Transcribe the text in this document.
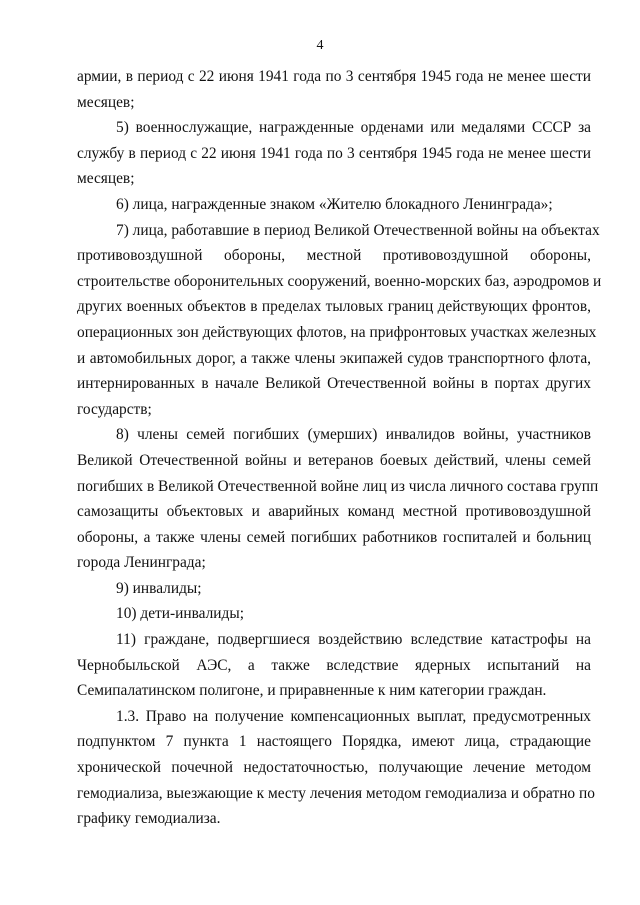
4
армии, в период с 22 июня 1941 года по 3 сентября 1945 года не менее шести
месяцев;
5) военнослужащие, награжденные орденами или медалями СССР за
службу в период с 22 июня 1941 года по 3 сентября 1945 года не менее шести
месяцев;
6) лица, награжденные знаком «Жителю блокадного Ленинграда»;
7) лица, работавшие в период Великой Отечественной войны на объектах
противовоздушной обороны, местной противовоздушной обороны,
строительстве оборонительных сооружений, военно-морских баз, аэродромов и
других военных объектов в пределах тыловых границ действующих фронтов,
операционных зон действующих флотов, на прифронтовых участках железных
и автомобильных дорог, а также члены экипажей судов транспортного флота,
интернированных в начале Великой Отечественной войны в портах других
государств;
8) члены семей погибших (умерших) инвалидов войны, участников
Великой Отечественной войны и ветеранов боевых действий, члены семей
погибших в Великой Отечественной войне лиц из числа личного состава групп
самозащиты объектовых и аварийных команд местной противовоздушной
обороны, а также члены семей погибших работников госпиталей и больниц
города Ленинграда;
9) инвалиды;
10) дети-инвалиды;
11) граждане, подвергшиеся воздействию вследствие катастрофы на
Чернобыльской АЭС, а также вследствие ядерных испытаний на
Семипалатинском полигоне, и приравненные к ним категории граждан.
1.3. Право на получение компенсационных выплат, предусмотренных
подпунктом 7 пункта 1 настоящего Порядка, имеют лица, страдающие
хронической почечной недостаточностью, получающие лечение методом
гемодиализа, выезжающие к месту лечения методом гемодиализа и обратно по
графику гемодиализа.
